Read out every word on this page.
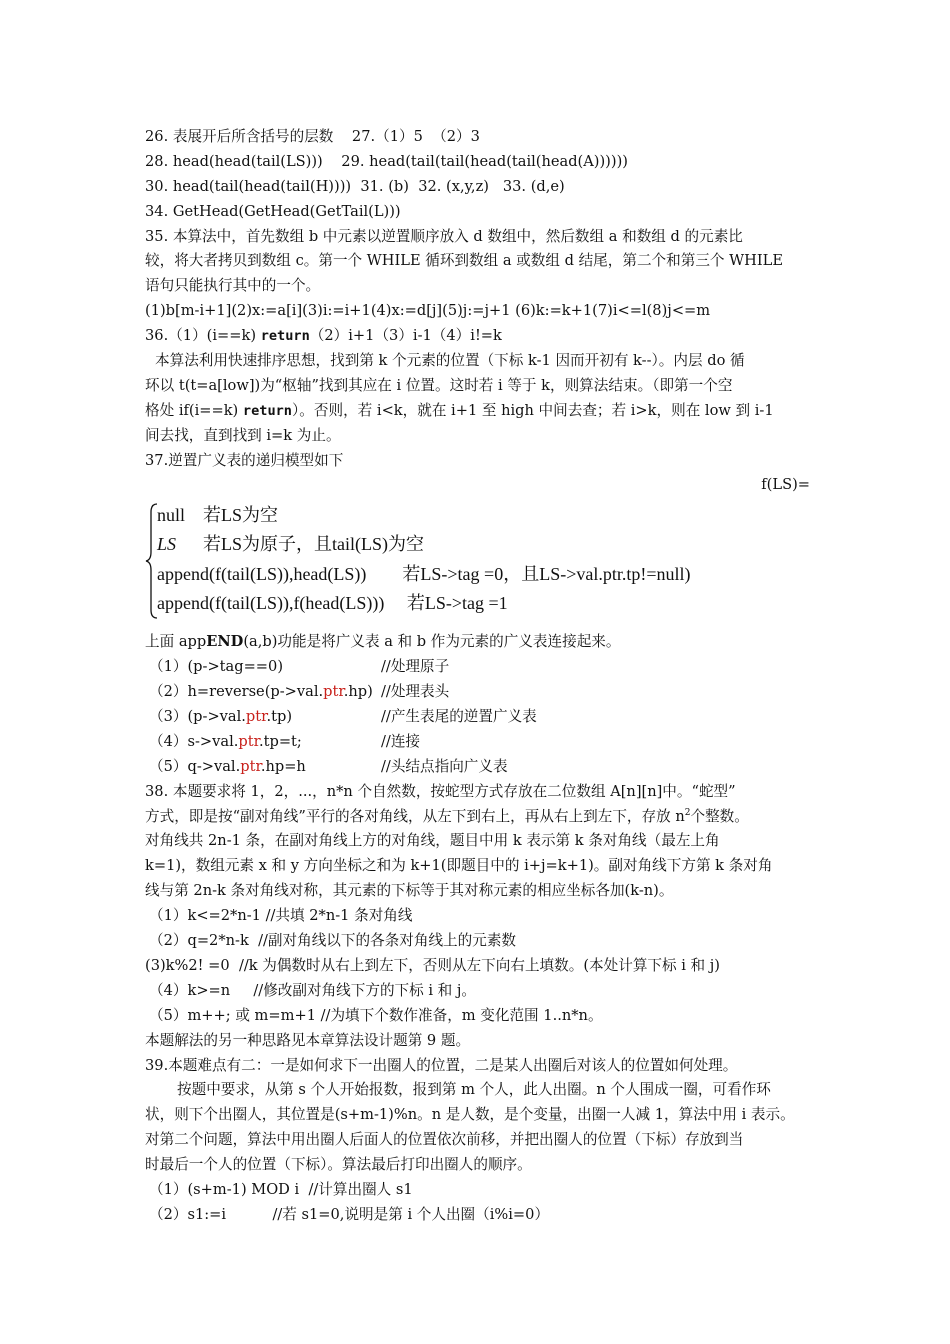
26. 表展开后所含括号的层数    27.（1）5  （2）3
28. head(head(tail(LS)))    29. head(tail(tail(head(tail(head(A))))))
30. head(tail(head(tail(H))))  31. (b)  32. (x,y,z)   33. (d,e)
34. GetHead(GetHead(GetTail(L)))
35. 本算法中，首先数组 b 中元素以逆置顺序放入 d 数组中，然后数组 a 和数组 d 的元素比
较，将大者拷贝到数组 c。第一个 WHILE 循环到数组 a 或数组 d 结尾，第二个和第三个 WHILE
语句只能执行其中的一个。
(1)b[m-i+1](2)x:=a[i](3)i:=i+1(4)x:=d[j](5)j:=j+1 (6)k:=k+1(7)i<=l(8)j<=m
36.（1）(i==k) return（2）i+1（3）i-1（4）i!=k
本算法利用快速排序思想，找到第 k 个元素的位置（下标 k-1 因而开初有 k--）。内层 do 循
环以 t(t=a[low])为“枢轴”找到其应在 i 位置。这时若 i 等于 k，则算法结束。（即第一个空
格处 if(i==k) return）。否则，若 i<k，就在 i+1 至 high 中间去查；若 i>k，则在 low 到 i-1
间去找，直到找到 i=k 为止。
37.逆置广义表的递归模型如下
f(LS)=
null    若LS为空
LS      若LS为原子，且tail(LS)为空
append(f(tail(LS)),head(LS))        若LS->tag =0，且LS->val.ptr.tp!=null)
append(f(tail(LS)),f(head(LS)))     若LS->tag =1
上面 appEND(a,b)功能是将广义表 a 和 b 作为元素的广义表连接起来。
（1）(p->tag==0)	//处理原子
（2）h=reverse(p->val.ptr.hp) //处理表头
（3）(p->val.ptr.tp)	//产生表尾的逆置广义表
（4）s->val.ptr.tp=t;	//连接
（5）q->val.ptr.hp=h	//头结点指向广义表
38. 本题要求将 1，2，...，n*n 个自然数，按蛇型方式存放在二位数组 A[n][n]中。“蛇型”
方式，即是按“副对角线”平行的各对角线，从左下到右上，再从右上到左下，存放 $n^2$个整数。
对角线共 2n-1 条，在副对角线上方的对角线，题目中用 k 表示第 k 条对角线（最左上角
k=1)，数组元素 x 和 y 方向坐标之和为 k+1(即题目中的 i+j=k+1)。副对角线下方第 k 条对角
线与第 2n-k 条对角线对称，其元素的下标等于其对称元素的相应坐标各加(k-n)。
（1）k<=2*n-1 //共填 2*n-1 条对角线
（2）q=2*n-k  //副对角线以下的各条对角线上的元素数
(3)k%2! =0  //k 为偶数时从右上到左下，否则从左下向右上填数。(本处计算下标 i 和 j)
（4）k>=n     //修改副对角线下方的下标 i 和 j。
（5）m++; 或 m=m+1 //为填下个数作准备，m 变化范围 1..n*n。
本题解法的另一种思路见本章算法设计题第 9 题。
39.本题难点有二：一是如何求下一出圈人的位置，二是某人出圈后对该人的位置如何处理。
按题中要求，从第 s 个人开始报数，报到第 m 个人，此人出圈。n 个人围成一圈，可看作环
状，则下个出圈人，其位置是(s+m-1)%n。n 是人数，是个变量，出圈一人减 1，算法中用 i 表示。
对第二个问题，算法中用出圈人后面人的位置依次前移，并把出圈人的位置（下标）存放到当
时最后一个人的位置（下标）。算法最后打印出圈人的顺序。
（1）(s+m-1) MOD i  //计算出圈人 s1
（2）s1:=i          //若 s1=0,说明是第 i 个人出圈（i%i=0）
